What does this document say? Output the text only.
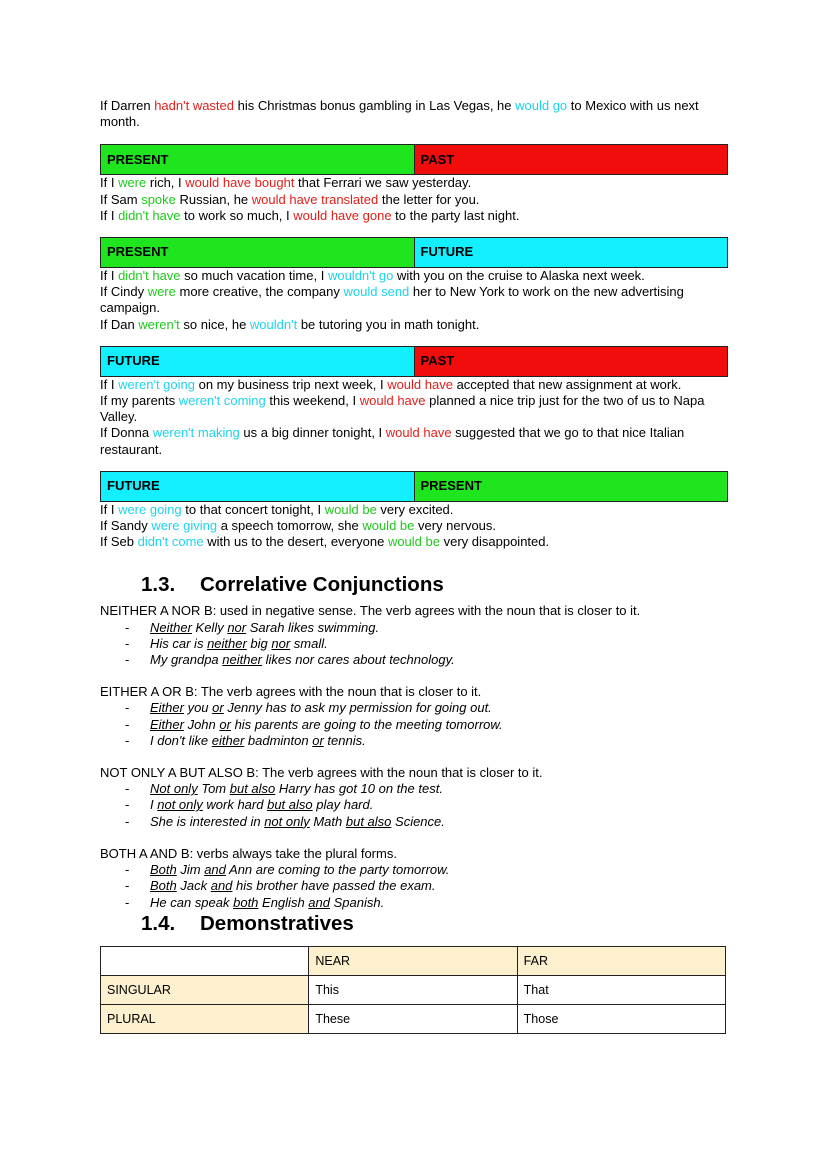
If Darren hadn't wasted his Christmas bonus gambling in Las Vegas, he would go to Mexico with us next month.

PRESENT	PAST

If I were rich, I would have bought that Ferrari we saw yesterday.

If Sam spoke Russian, he would have translated the letter for you.

If I didn't have to work so much, I would have gone to the party last night.

PRESENT	FUTURE

If I didn't have so much vacation time, I wouldn't go with you on the cruise to Alaska next week.

If Cindy were more creative, the company would send her to New York to work on the new advertising campaign.

If Dan weren't so nice, he wouldn't be tutoring you in math tonight.

FUTURE	PAST

If I weren't going on my business trip next week, I would have accepted that new assignment at work.

If my parents weren't coming this weekend, I would have planned a nice trip just for the two of us to Napa Valley.

If Donna weren't making us a big dinner tonight, I would have suggested that we go to that nice Italian restaurant.

FUTURE	PRESENT

If I were going to that concert tonight, I would be very excited.

If Sandy were giving a speech tomorrow, she would be very nervous.

If Seb didn't come with us to the desert, everyone would be very disappointed.

1.3. Correlative Conjunctions

NEITHER A NOR B: used in negative sense. The verb agrees with the noun that is closer to it.

- Neither Kelly nor Sarah likes swimming.
- His car is neither big nor small.
- My grandpa neither likes nor cares about technology.

EITHER A OR B: The verb agrees with the noun that is closer to it.

- Either you or Jenny has to ask my permission for going out.
- Either John or his parents are going to the meeting tomorrow.
- I don't like either badminton or tennis.

NOT ONLY A BUT ALSO B: The verb agrees with the noun that is closer to it.

- Not only Tom but also Harry has got 10 on the test.
- I not only work hard but also play hard.
- She is interested in not only Math but also Science.

BOTH A AND B: verbs always take the plural forms.

- Both Jim and Ann are coming to the party tomorrow.
- Both Jack and his brother have passed the exam.
- He can speak both English and Spanish.
1.4. Demonstratives
	NEAR	FAR
SINGULAR	This	That
PLURAL	These	Those
